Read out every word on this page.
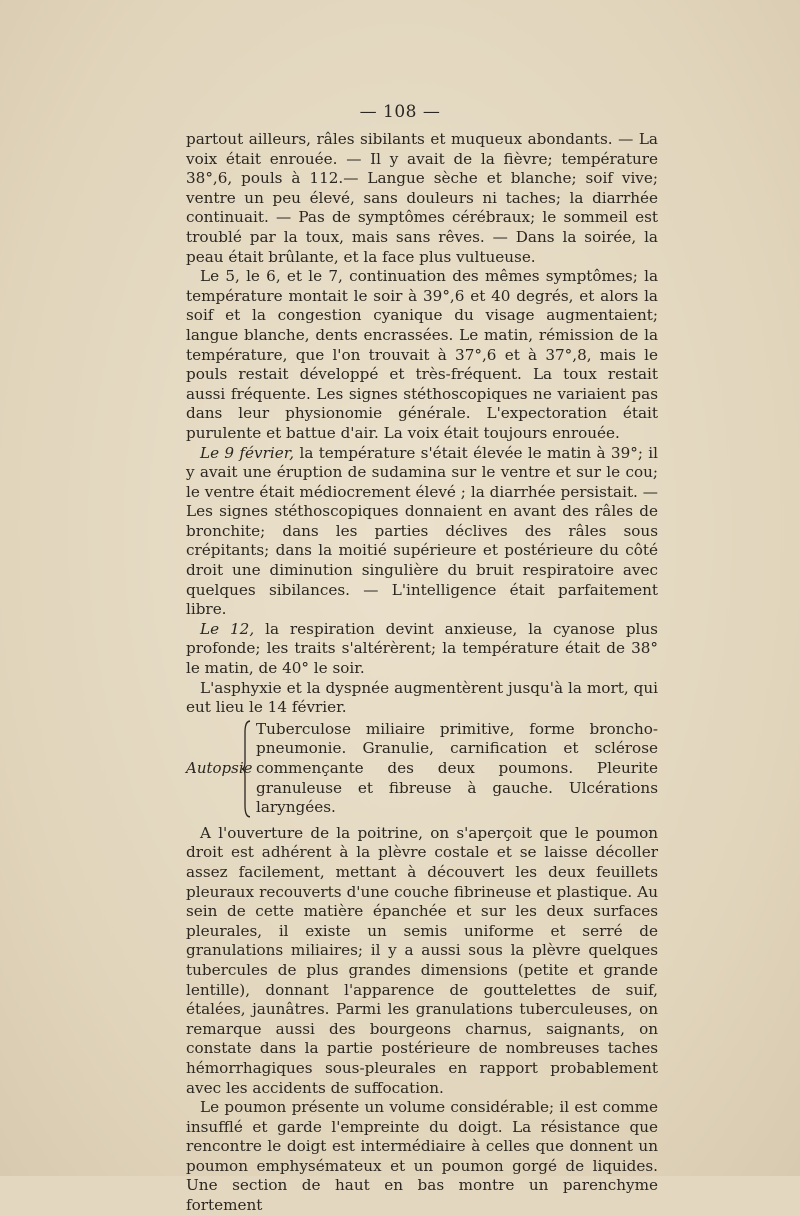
— 108 —

partout ailleurs, râles sibilants et muqueux abondants. — La voix était enrouée. — Il y avait de la fièvre; température 38°,6, pouls à 112.— Langue sèche et blanche; soif vive; ventre un peu élevé, sans douleurs ni taches; la diarrhée continuait. — Pas de symptômes cérébraux; le sommeil est troublé par la toux, mais sans rêves. — Dans la soirée, la peau était brûlante, et la face plus vultueuse.

Le 5, le 6, et le 7, continuation des mêmes symptômes; la température montait le soir à 39°,6 et 40 degrés, et alors la soif et la congestion cyanique du visage augmentaient; langue blanche, dents encrassées. Le matin, rémission de la température, que l'on trouvait à 37°,6 et à 37°,8, mais le pouls restait développé et très-fréquent. La toux restait aussi fréquente. Les signes stéthoscopiques ne variaient pas dans leur physionomie générale. L'expectoration était purulente et battue d'air. La voix était toujours enrouée.

Le 9 février, la température s'était élevée le matin à 39°; il y avait une éruption de sudamina sur le ventre et sur le cou; le ventre était médiocrement élevé ; la diarrhée persistait. — Les signes stéthoscopiques donnaient en avant des râles de bronchite; dans les parties déclives des râles sous crépitants; dans la moitié supérieure et postérieure du côté droit une diminution singulière du bruit respiratoire avec quelques sibilances. — L'intelligence était parfaitement libre.

Le 12, la respiration devint anxieuse, la cyanose plus profonde; les traits s'altérèrent; la température était de 38° le matin, de 40° le soir.

L'asphyxie et la dyspnée augmentèrent jusqu'à la mort, qui eut lieu le 14 février.

Autopsie
Tuberculose miliaire primitive, forme broncho-pneumonie. Granulie, carnification et sclérose commençante des deux poumons. Pleurite granuleuse et fibreuse à gauche. Ulcérations laryngées.

A l'ouverture de la poitrine, on s'aperçoit que le poumon droit est adhérent à la plèvre costale et se laisse décoller assez facilement, mettant à découvert les deux feuillets pleuraux recouverts d'une couche fibrineuse et plastique. Au sein de cette matière épanchée et sur les deux surfaces pleurales, il existe un semis uniforme et serré de granulations miliaires; il y a aussi sous la plèvre quelques tubercules de plus grandes dimensions (petite et grande lentille), donnant l'apparence de gouttelettes de suif, étalées, jaunâtres. Parmi les granulations tuberculeuses, on remarque aussi des bourgeons charnus, saignants, on constate dans la partie postérieure de nombreuses taches hémorrhagiques sous-pleurales en rapport probablement avec les accidents de suffocation.

Le poumon présente un volume considérable; il est comme insufflé et garde l'empreinte du doigt. La résistance que rencontre le doigt est intermédiaire à celles que donnent un poumon emphysémateux et un poumon gorgé de liquides. Une section de haut en bas montre un parenchyme fortement
